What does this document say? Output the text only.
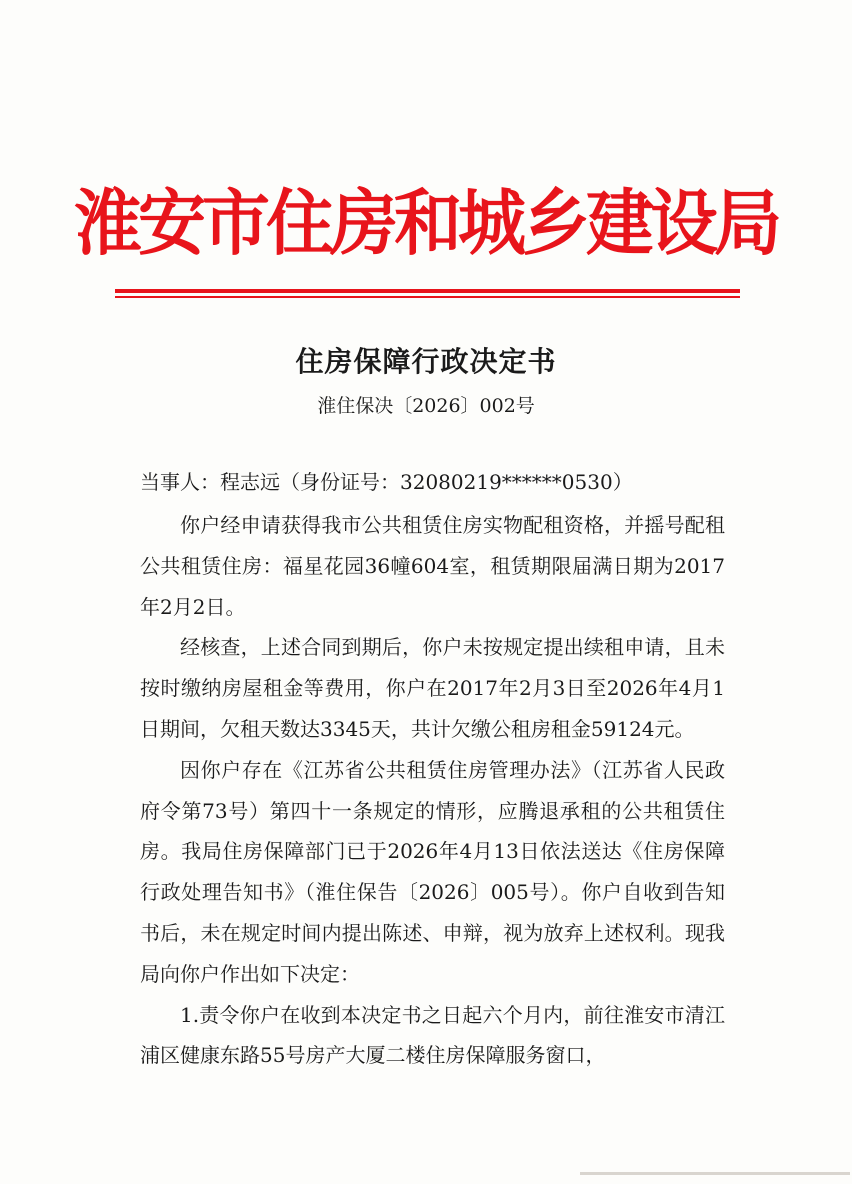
淮安市住房和城乡建设局
住房保障行政决定书
淮住保决〔2026〕002号
当事人：程志远（身份证号：32080219******0530）

你户经申请获得我市公共租赁住房实物配租资格，并摇号配租公共租赁住房：福星花园36幢604室，租赁期限届满日期为2017年2月2日。

经核查，上述合同到期后，你户未按规定提出续租申请，且未按时缴纳房屋租金等费用，你户在2017年2月3日至2026年4月1日期间，欠租天数达3345天，共计欠缴公租房租金59124元。

因你户存在《江苏省公共租赁住房管理办法》（江苏省人民政府令第73号）第四十一条规定的情形，应腾退承租的公共租赁住房。我局住房保障部门已于2026年4月13日依法送达《住房保障行政处理告知书》（淮住保告〔2026〕005号）。你户自收到告知书后，未在规定时间内提出陈述、申辩，视为放弃上述权利。现我局向你户作出如下决定：

1.责令你户在收到本决定书之日起六个月内，前往淮安市清江浦区健康东路55号房产大厦二楼住房保障服务窗口，
